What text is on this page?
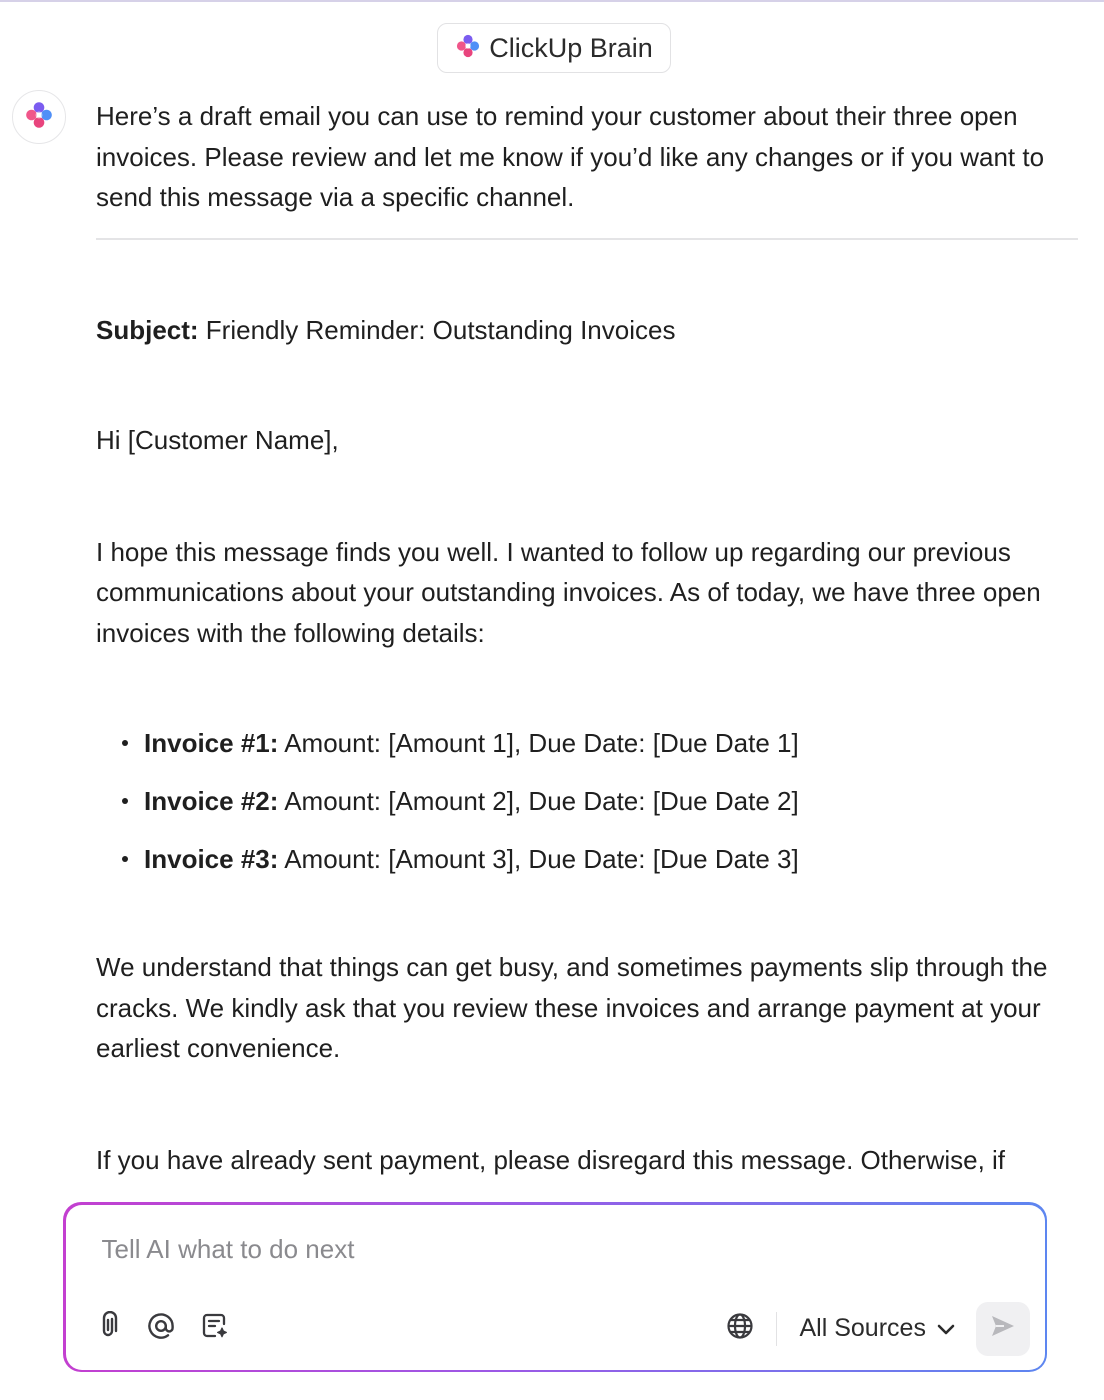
ClickUp Brain

Here’s a draft email you can use to remind your customer about their three open invoices. Please review and let me know if you’d like any changes or if you want to send this message via a specific channel.

Subject: Friendly Reminder: Outstanding Invoices

Hi [Customer Name],

I hope this message finds you well. I wanted to follow up regarding our previous communications about your outstanding invoices. As of today, we have three open invoices with the following details:

Invoice #1: Amount: [Amount 1], Due Date: [Due Date 1]
Invoice #2: Amount: [Amount 2], Due Date: [Due Date 2]
Invoice #3: Amount: [Amount 3], Due Date: [Due Date 3]

We understand that things can get busy, and sometimes payments slip through the cracks. We kindly ask that you review these invoices and arrange payment at your earliest convenience.

If you have already sent payment, please disregard this message. Otherwise, if

Tell AI what to do next
All Sources
